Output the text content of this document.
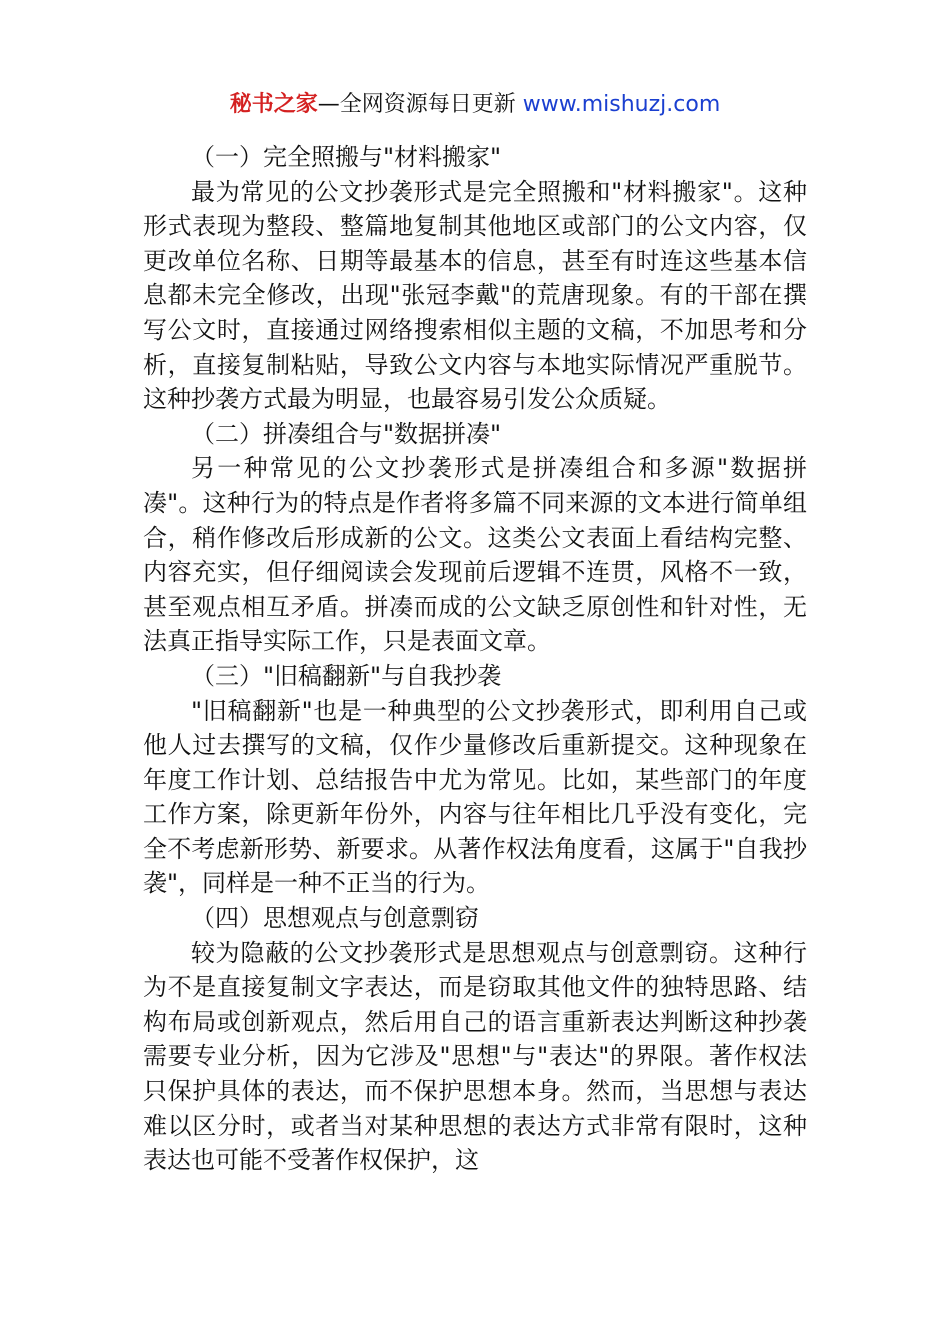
秘书之家—全网资源每日更新 www.mishuzj.com

（一）完全照搬与"材料搬家"

最为常见的公文抄袭形式是完全照搬和"材料搬家"。这种形式表现为整段、整篇地复制其他地区或部门的公文内容，仅更改单位名称、日期等最基本的信息，甚至有时连这些基本信息都未完全修改，出现"张冠李戴"的荒唐现象。有的干部在撰写公文时，直接通过网络搜索相似主题的文稿，不加思考和分析，直接复制粘贴，导致公文内容与本地实际情况严重脱节。这种抄袭方式最为明显，也最容易引发公众质疑。

（二）拼凑组合与"数据拼凑"

另一种常见的公文抄袭形式是拼凑组合和多源"数据拼凑"。这种行为的特点是作者将多篇不同来源的文本进行简单组合，稍作修改后形成新的公文。这类公文表面上看结构完整、内容充实，但仔细阅读会发现前后逻辑不连贯，风格不一致，甚至观点相互矛盾。拼凑而成的公文缺乏原创性和针对性，无法真正指导实际工作，只是表面文章。

（三）"旧稿翻新"与自我抄袭

"旧稿翻新"也是一种典型的公文抄袭形式，即利用自己或他人过去撰写的文稿，仅作少量修改后重新提交。这种现象在年度工作计划、总结报告中尤为常见。比如，某些部门的年度工作方案，除更新年份外，内容与往年相比几乎没有变化，完全不考虑新形势、新要求。从著作权法角度看，这属于"自我抄袭"，同样是一种不正当的行为。

（四）思想观点与创意剽窃

较为隐蔽的公文抄袭形式是思想观点与创意剽窃。这种行为不是直接复制文字表达，而是窃取其他文件的独特思路、结构布局或创新观点，然后用自己的语言重新表达判断这种抄袭需要专业分析，因为它涉及"思想"与"表达"的界限。著作权法只保护具体的表达，而不保护思想本身。然而，当思想与表达难以区分时，或者当对某种思想的表达方式非常有限时，这种表达也可能不受著作权保护，这
